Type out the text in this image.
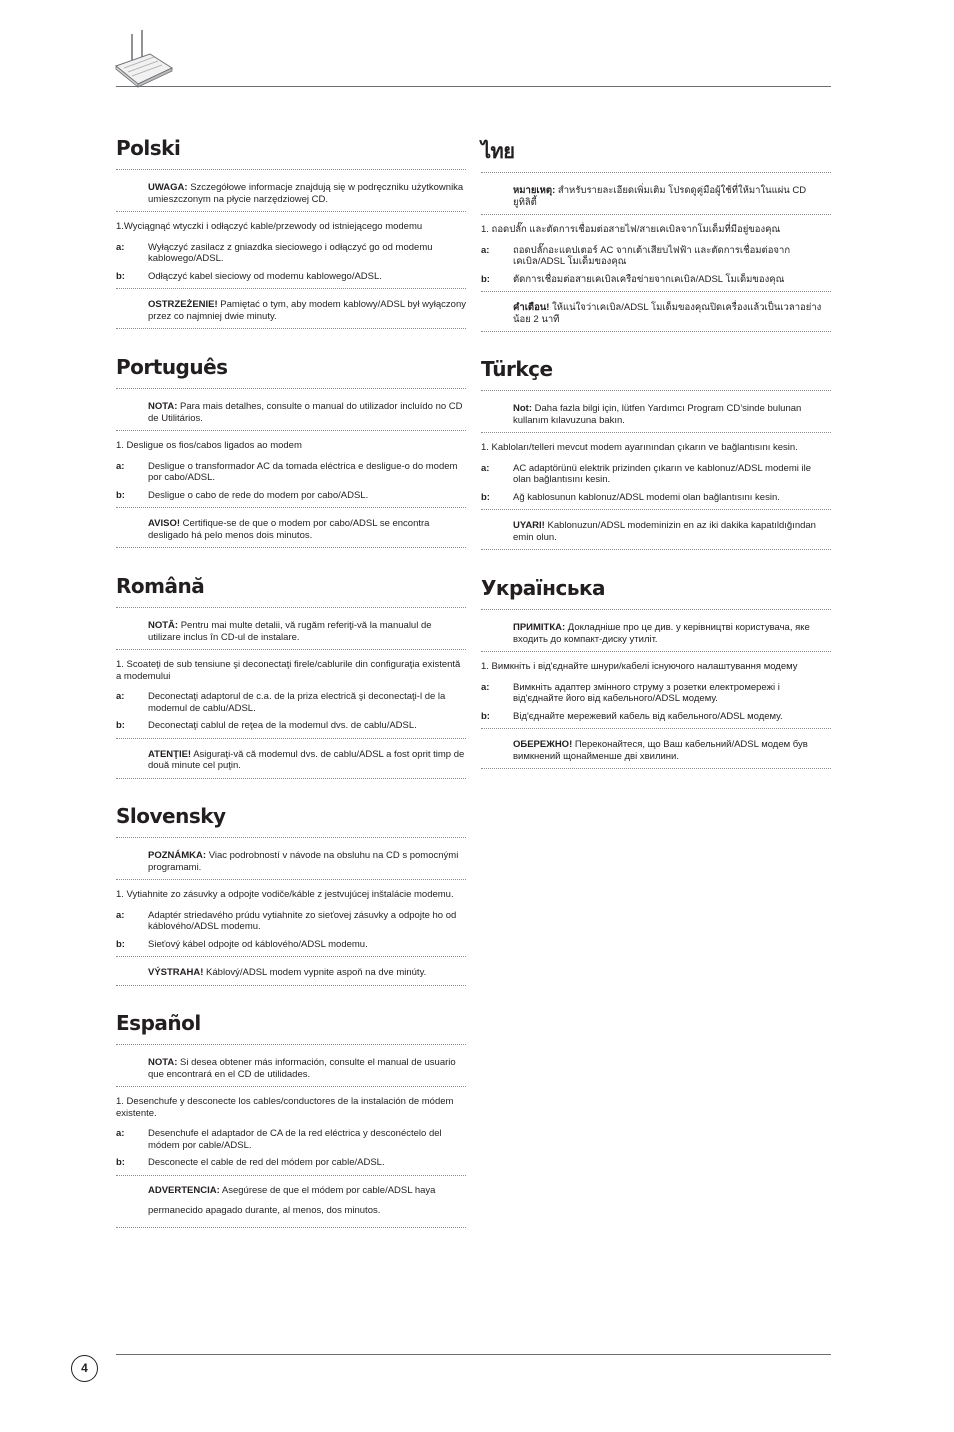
Polski
UWAGA: Szczegółowe informacje znajdują się w podręczniku użytkownika umieszczonym na płycie narzędziowej CD.
1.Wyciągnąć wtyczki i odłączyć kable/przewody od istniejącego modemu
a:	Wyłączyć zasilacz z gniazdka sieciowego i odłączyć go od modemu kablowego/ADSL.
b:	Odłączyć kabel sieciowy od modemu kablowego/ADSL.
OSTRZEŻENIE! Pamiętać o tym, aby modem kablowy/ADSL był wyłączony przez co najmniej dwie minuty.
Português
NOTA: Para mais detalhes, consulte o manual do utilizador incluído no CD de Utilitários.
1. Desligue os fios/cabos ligados ao modem
a:	Desligue o transformador AC da tomada eléctrica e desligue-o do modem por cabo/ADSL.
b:	Desligue o cabo de rede do modem por cabo/ADSL.
AVISO! Certifique-se de que o modem por cabo/ADSL se encontra desligado há pelo menos dois minutos.
Română
NOTĂ: Pentru mai multe detalii, vă rugăm referiţi-vă la manualul de utilizare inclus în CD-ul de instalare.
1. Scoateţi de sub tensiune şi deconectaţi firele/cablurile din configuraţia existentă a modemului
a:	Deconectaţi adaptorul de c.a. de la priza electrică şi deconectaţi-l de la modemul de cablu/ADSL.
b:	Deconectaţi cablul de reţea de la modemul dvs. de cablu/ADSL.
ATENŢIE! Asiguraţi-vă că modemul dvs. de cablu/ADSL a fost oprit timp de două minute cel puţin.
Slovensky
POZNÁMKA: Viac podrobností v návode na obsluhu na CD s pomocnými programami.
1. Vytiahnite zo zásuvky a odpojte vodiče/káble z jestvujúcej inštalácie modemu.
a:	Adaptér striedavého prúdu vytiahnite zo sieťovej zásuvky a odpojte ho od káblového/ADSL modemu.
b:	Sieťový kábel odpojte od káblového/ADSL modemu.
VÝSTRAHA! Káblový/ADSL modem vypnite aspoň na dve minúty.
Español
NOTA: Si desea obtener más información, consulte el manual de usuario que encontrará en el CD de utilidades.
1. Desenchufe y desconecte los cables/conductores de la instalación de módem existente.
a:	Desenchufe el adaptador de CA de la red eléctrica y desconéctelo del módem por cable/ADSL.
b:	Desconecte el cable de red del módem por cable/ADSL.
ADVERTENCIA: Asegúrese de que el módem por cable/ADSL haya permanecido apagado durante, al menos, dos minutos.
ไทย
หมายเหตุ: สำหรับรายละเอียดเพิ่มเติม โปรดดูคู่มือผู้ใช้ที่ให้มาในแผ่น CD ยูทิลิตี้
1. ถอดปลั๊ก และตัดการเชื่อมต่อสายไฟ/สายเคเบิลจากโมเด็มที่มีอยู่ของคุณ
a:	ถอดปลั๊กอะแดปเตอร์ AC จากเต้าเสียบไฟฟ้า และตัดการเชื่อมต่อจากเคเบิล/ADSL โมเด็มของคุณ
b:	ตัดการเชื่อมต่อสายเคเบิลเครือข่ายจากเคเบิล/ADSL โมเด็มของคุณ
คำเตือน! ให้แน่ใจว่าเคเบิล/ADSL โมเด็มของคุณปิดเครื่องแล้วเป็นเวลาอย่างน้อย 2 นาที
Türkçe
Not: Daha fazla bilgi için, lütfen Yardımcı Program CD’sinde bulunan kullanım kılavuzuna bakın.
1. Kabloları/telleri mevcut modem ayarınından çıkarın ve bağlantısını kesin.
a:	AC adaptörünü elektrik prizinden çıkarın ve kablonuz/ADSL modemi ile olan bağlantısını kesin.
b:	Ağ kablosunun kablonuz/ADSL modemi olan bağlantısını kesin.
UYARI! Kablonuzun/ADSL modeminizin en az iki dakika kapatıldığından emin olun.
Українська
ПРИМІТКА: Докладніше про це див. у керівництві користувача, яке входить до компакт-диску утиліт.
1. Вимкніть і від'єднайте шнури/кабелі існуючого налаштування модему
a:	Вимкніть адаптер змінного струму з розетки електромережі і від'єднайте його від кабельного/ADSL модему.
b:	Від'єднайте мережевий кабель від кабельного/ADSL модему.
ОБЕРЕЖНО! Переконайтеся, що Ваш кабельний/ADSL модем був вимкнений щонайменше дві хвилини.
4
